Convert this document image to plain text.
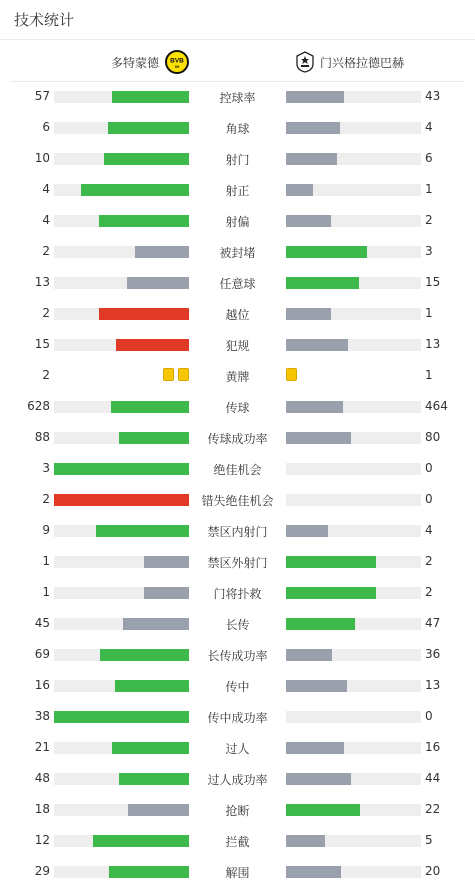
技术统计
多特蒙德 BVB
09	门兴格拉德巴赫
57	控球率	43
6	角球	4
10	射门	6
4	射正	1
4	射偏	2
2	被封堵	3
13	任意球	15
2	越位	1
15	犯规	13
2	黄牌	1
628	传球	464
88	传球成功率	80
3	绝佳机会	0
2	错失绝佳机会	0
9	禁区内射门	4
1	禁区外射门	2
1	门将扑救	2
45	长传	47
69	长传成功率	36
16	传中	13
38	传中成功率	0
21	过人	16
48	过人成功率	44
18	抢断	22
12	拦截	5
29	解围	20
